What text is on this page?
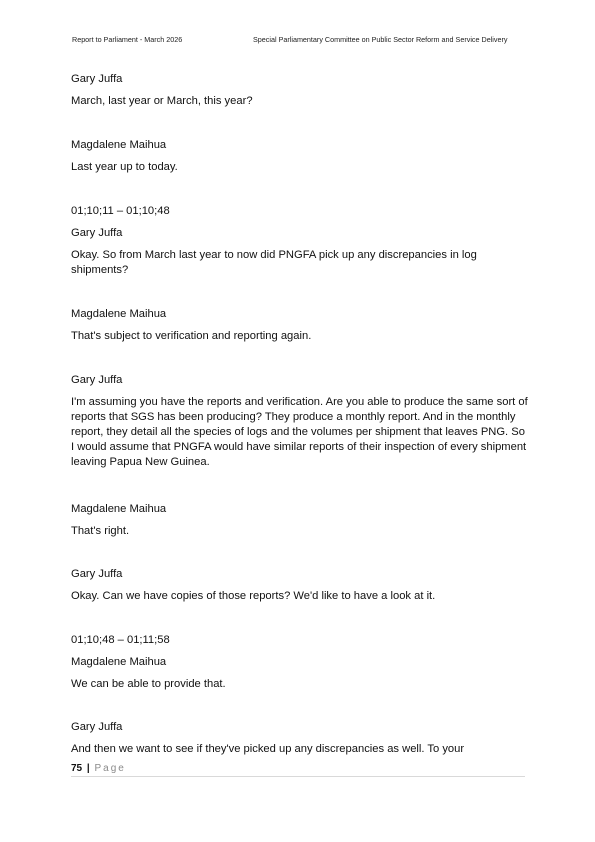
Report to Parliament - March 2026	Special Parliamentary Committee on Public Sector Reform and Service Delivery
Gary Juffa
March, last year or March, this year?
Magdalene Maihua
Last year up to today.
01;10;11 – 01;10;48
Gary Juffa
Okay. So from March last year to now did PNGFA pick up any discrepancies in log shipments?
Magdalene Maihua
That's subject to verification and reporting again.
Gary Juffa
I'm assuming you have the reports and verification. Are you able to produce the same sort of reports that SGS has been producing? They produce a monthly report. And in the monthly report, they detail all the species of logs and the volumes per shipment that leaves PNG. So I would assume that PNGFA would have similar reports of their inspection of every shipment leaving Papua New Guinea.
Magdalene Maihua
That's right.
Gary Juffa
Okay. Can we have copies of those reports? We'd like to have a look at it.
01;10;48 – 01;11;58
Magdalene Maihua
We can be able to provide that.
Gary Juffa
And then we want to see if they've picked up any discrepancies as well. To your
75 | Page
